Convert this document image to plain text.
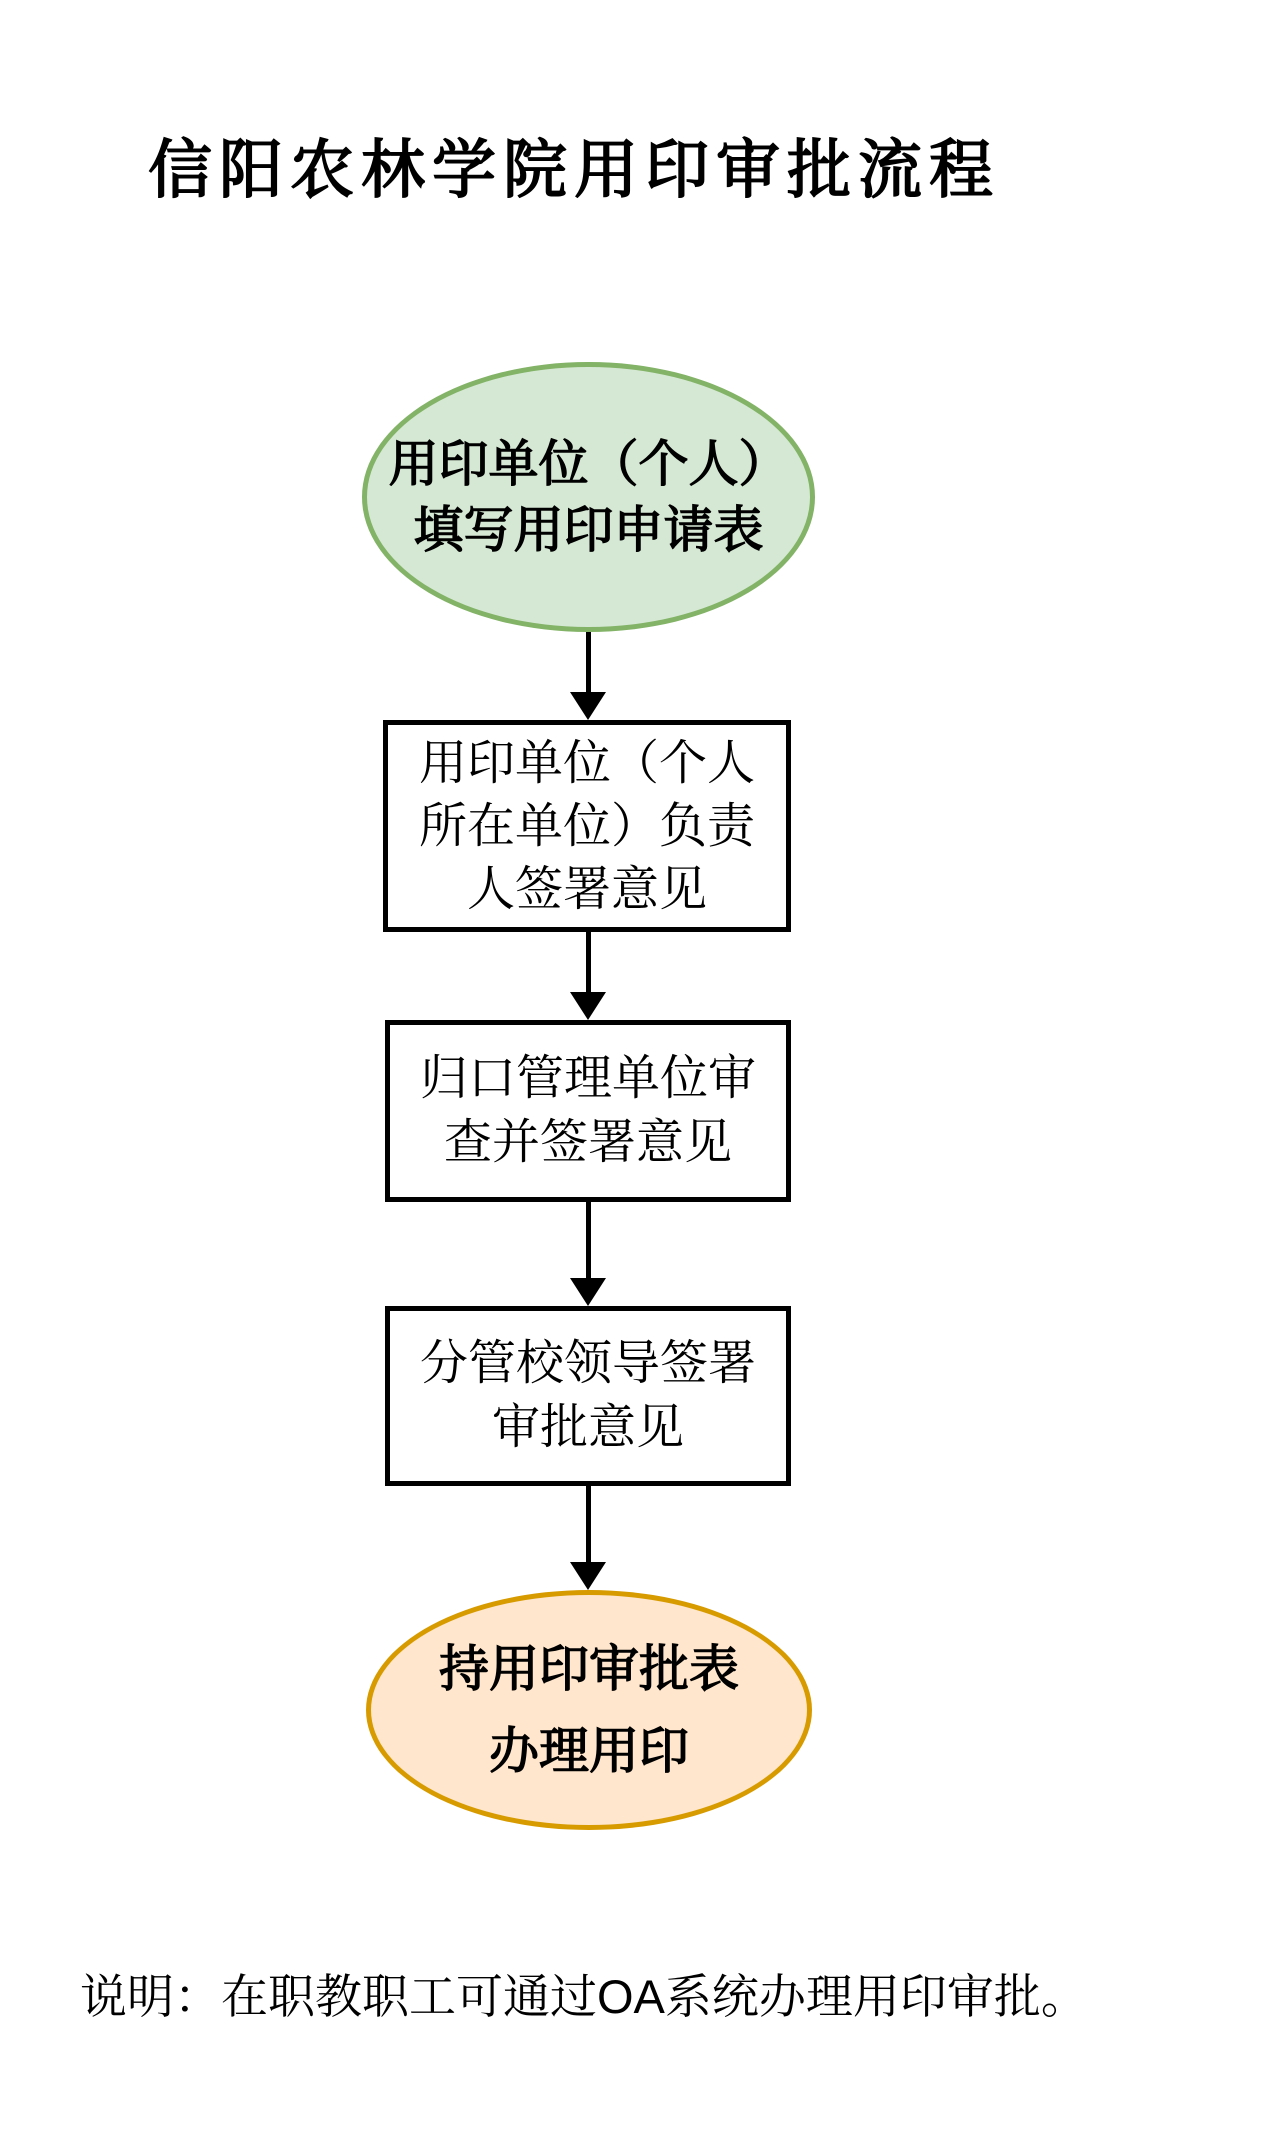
信阳农林学院用印审批流程
用印单位（个人）
填写用印申请表
用印单位（个人
所在单位）负责
人签署意见
归口管理单位审
查并签署意见
分管校领导签署
审批意见
持用印审批表
办理用印
说明：在职教职工可通过OA系统办理用印审批。
